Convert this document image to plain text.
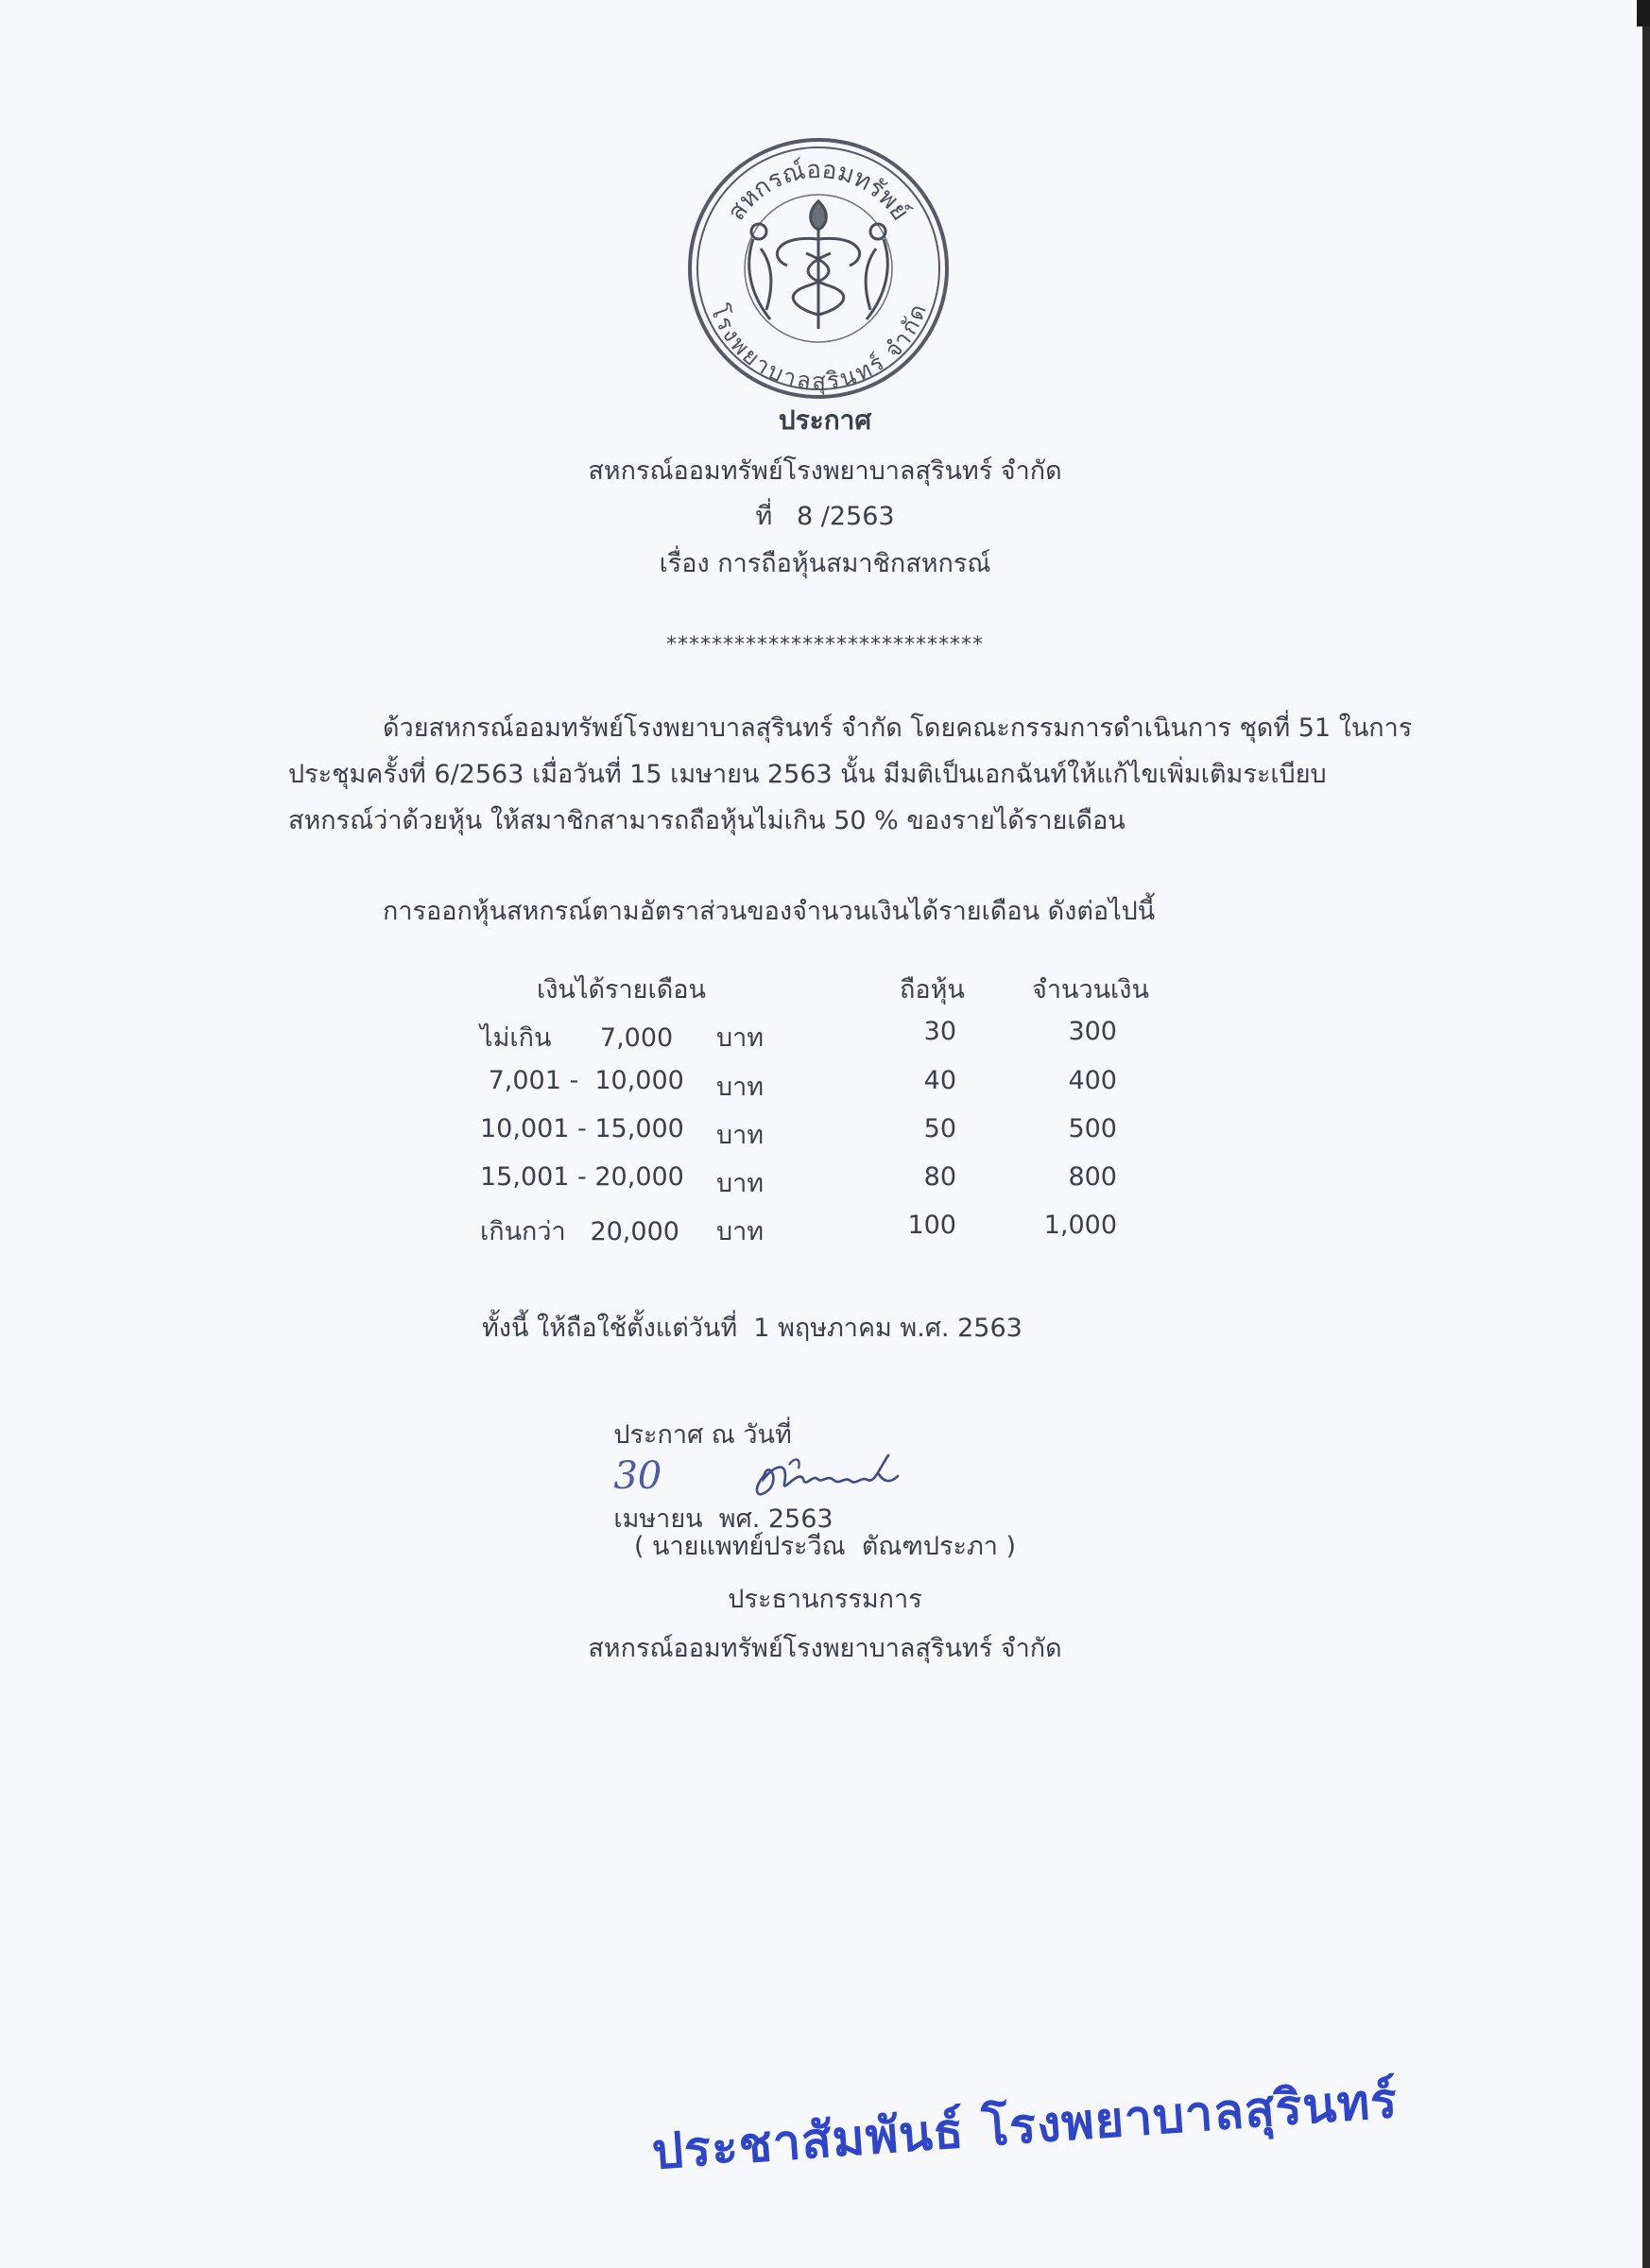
สหกรณ์ออมทรัพย์
โรงพยาบาลสุรินทร์ จำกัด
ประกาศ
สหกรณ์ออมทรัพย์โรงพยาบาลสุรินทร์ จำกัด
ที่   8 /2563
เรื่อง การถือหุ้นสมาชิกสหกรณ์
****************************
ด้วยสหกรณ์ออมทรัพย์โรงพยาบาลสุรินทร์ จำกัด โดยคณะกรรมการดำเนินการ ชุดที่ 51 ในการ
ประชุมครั้งที่ 6/2563 เมื่อวันที่ 15 เมษายน 2563 นั้น มีมติเป็นเอกฉันท์ให้แก้ไขเพิ่มเติมระเบียบ
สหกรณ์ว่าด้วยหุ้น ให้สมาชิกสามารถถือหุ้นไม่เกิน 50 % ของรายได้รายเดือน
การออกหุ้นสหกรณ์ตามอัตราส่วนของจำนวนเงินได้รายเดือน ดังต่อไปนี้
เงินได้รายเดือน	ถือหุ้น	จำนวนเงิน
ไม่เกิน      7,000 บาท	30	300
7,001 -  10,000 บาท	40	400
10,001 - 15,000 บาท	50	500
15,001 - 20,000 บาท	80	800
เกินกว่า   20,000 บาท	100	1,000
ทั้งนี้ ให้ถือใช้ตั้งแต่วันที่  1 พฤษภาคม พ.ศ. 2563

ประกาศ ณ วันที่
30
เมษายน  พศ. 2563

( นายแพทย์ประวีณ  ตัณฑประภา )
ประธานกรรมการ
สหกรณ์ออมทรัพย์โรงพยาบาลสุรินทร์ จำกัด
ประชาสัมพันธ์ โรงพยาบาลสุรินทร์
